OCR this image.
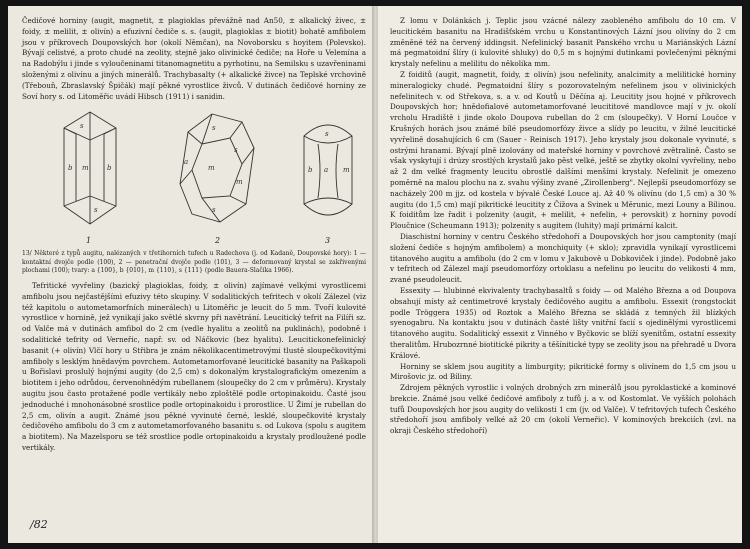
Čedičové horniny (augit, magnetit, ± plagioklas převážně nad An50, ± alkalický živec, ± foidy, ± melilit, ± olivín) a efuzivní čediče s. s. (augit, plagioklas ± biotit) bohatě amfibolem jsou v příkrovech Doupovských hor (okolí Němčan), na Novoborsku s hoyitem (Polevsko). Bývají celistvé, a proto chudé na zeolity, stejně jako olivinické čediče; na Hoře u Velemína a na Radobýlu i jinde s vyloučeninami titanomagnetitu a pyrhotinu, na Semilsku s uzavřeninami složenými z olivínu a jiných minerálů. Trachybasalty (+ alkalické živce) na Teplské vrchovině (Třebouň, Zbraslavský Špičák) mají pěkné vyrostlice živců. V dutinách čedičové horniny ze Soví hory s. od Litoměřic uvádí Hibsch (1911) i sanidin.

s
b m	b
s
s
m
s
a
s
m
s
b a m
1	2	3

13/ Některé z typů augitu, nalézaných v třetihorních tufech u Radechova (j. od Kadaně, Doupovské hory): 1 — kontaktní dvojče podle (100), 2 — penetrační dvojče podle (101), 3 — deformovaný krystal se zakřivenými plochami (100); tvary: a {100}, b {010}, m {110}, s {111} (podle Bauera-Slačíka 1966).

Tefritické vyvřeliny (bazický plagioklas, foidy, ± olivín) zajímavé velkými vyrostlicemi amfibolu jsou nejčastějšími efuzivy této skupiny. V sodalitických tefritech v okolí Zálezel (viz též kapitolu o autometamorfních minerálech) u Litoměřic je leucit do 5 mm. Tvoří kulovité vyrostlice v hornině, jež vynikají jako světlé skvrny při navětrání. Leucitický tefrit na Filíři sz. od Valče má v dutinách amfibol do 2 cm (vedle hyalitu a zeolitů na puklinách), podobně i sodalitické tefrity od Verneřic, např. sv. od Náčkovic (bez hyalitu). Leucitickonefelinický basanit (+ olivín) Vlčí hory u Střibra je znám několikacentimetrovými tlustě sloupečkovitými amfiboly s lesklým hnědavým povrchem. Autometamorfované leucitické basanity na Paškapoli u Bořislavi proslulý hojnými augity (do 2,5 cm) s dokonalým krystalografickým omezením a biotitem i jeho odrůdou, červenohnědým rubellanem (sloupečky do 2 cm v průměru). Krystaly augitu jsou často protažené podle vertikály nebo zploštělé podle ortopinakoidu. Časté jsou jednoduché i mnohonásobné srostlice podle ortopinakoidu i prorostlice. U Žimí je rubellan do 2,5 cm, olivín a augit. Známé jsou pěkné vyvinuté černé, lesklé, sloupečkovité krystaly čedičového amfibolu do 3 cm z autometamorfovaného basanitu s. od Lukova (spolu s augitem a biotitem). Na Mazelsporu se též srostlice podle ortopinakoidu a krystaly prodloužené podle vertikály.

/82

Z lomu v Dolánkách j. Teplic jsou vzácné nálezy zaobleného amfibolu do 10 cm. V leucitickém basanitu na Hradišťském vrchu u Konstantinových Lázní jsou olivíny do 2 cm změněné též na červený iddingsit. Nefelinický basanit Panského vrchu u Mariánských Lázní má pegmatoidní šlíry (i kulovité shluky) do 0,5 m s hojnými dutinkami povlečenými pěknými krystaly nefelinu a melilitu do několika mm.

Z foiditů (augit, magnetit, foidy, ± olivín) jsou nefelinity, analcimity a melilitické horniny mineralogicky chudé. Pegmatoidní šlíry s pozorovatelným nefelinem jsou v olivinických nefelinitech v. od Střekova, s. a v. od Koutů u Děčína aj. Leucitity jsou hojné v příkrovech Doupovských hor; hnědofialové autometamorfované leucititové mandlovce mají v jv. okolí vrcholu Hradiště i jinde okolo Doupova rubellan do 2 cm (sloupečky). V Horní Loučce v Krušných horách jsou známé bílé pseudomorfózy živce a slídy po leucitu, v žilné leucitické vyvřelině dosahujících 6 cm (Sauer - Reinisch 1917). Jeho krystaly jsou dokonale vyvinuté, s ostrými hranami. Bývají plně izolovány od mateřské horniny v povrchové zvětralině. Často se však vyskytují i drúzy srostlých krystalů jako pěst velké, ještě se zbytky okolní vyvřeliny, nebo až 2 dm velké fragmenty leucitu obrostlé dalšími menšími krystaly. Nefelinit je omezeno poměrně na malou plochu na z. svahu výšiny zvané „Zirollenberg". Nejlepší pseudomorfózy se nacházely 200 m jjz. od kostela v bývalé České Louce aj. Až 40 % olivínu (do 1,5 cm) a 30 % augitu (do 1,5 cm) mají pikritické leucitity z Čížova a Svinek u Měrunic, mezi Louny a Bílinou. K foiditům lze řadit i polzenity (augit, + melilit, + nefelin, + perovskit) z horniny povodí Ploučnice (Scheumann 1913); polzenity s augitem (luhity) mají primární kalcit.

Diaschistní horniny v centru Českého středohoří a Doupovských hor jsou camptonity (mají složení čediče s hojným amfibolem) a monchiquity (+ sklo); zpravidla vynikají vyrostlicemi titanového augitu a amfibolu (do 2 cm v lomu v Jakubově u Dobkoviček i jinde). Podobně jako v tefritech od Zálezel mají pseudomorfózy ortoklasu a nefelinu po leucitu do velikosti 4 mm, zvané pseudoleucit.

Essexity — hlubinné ekvivalenty trachybasaltů s foidy — od Malého Března a od Doupova obsahují místy až centimetrové krystaly čedičového augitu a amfibolu. Essexit (rongstockit podle Tröggera 1935) od Roztok a Malého Března se skládá z temných žil blízkých syenogabru. Na kontaktu jsou v dutinách časté lišty vnitřní facií s ojedinělými vyrostlicemi titanového augitu. Sodalitický essexit z Vinného v Byčkovic se blíží syenitům, ostatní essexity theralitům. Hrubozrnné biotitické pikrity a těšínitické typy se zeolity jsou na přehradě u Dvora Králové.

Horniny se sklem jsou augitity a limburgity; pikritické formy s olivínem do 1,5 cm jsou u Mirošovic jz. od Bíliny.

Zdrojem pěkných vyrostlic i volných drobných zrn minerálů jsou pyroklastické a kominové brekcie. Známé jsou velké čedičové amfiboly z tufů j. a v. od Kostomlat. Ve vyšších polohách tufů Doupovských hor jsou augity do velikosti 1 cm (jv. od Valče). V tefritových tufech Českého středohoří jsou amfiboly velké až 20 cm (okolí Verneřic). V kominových brekciích (zvl. na okraji Českého středohoří)
